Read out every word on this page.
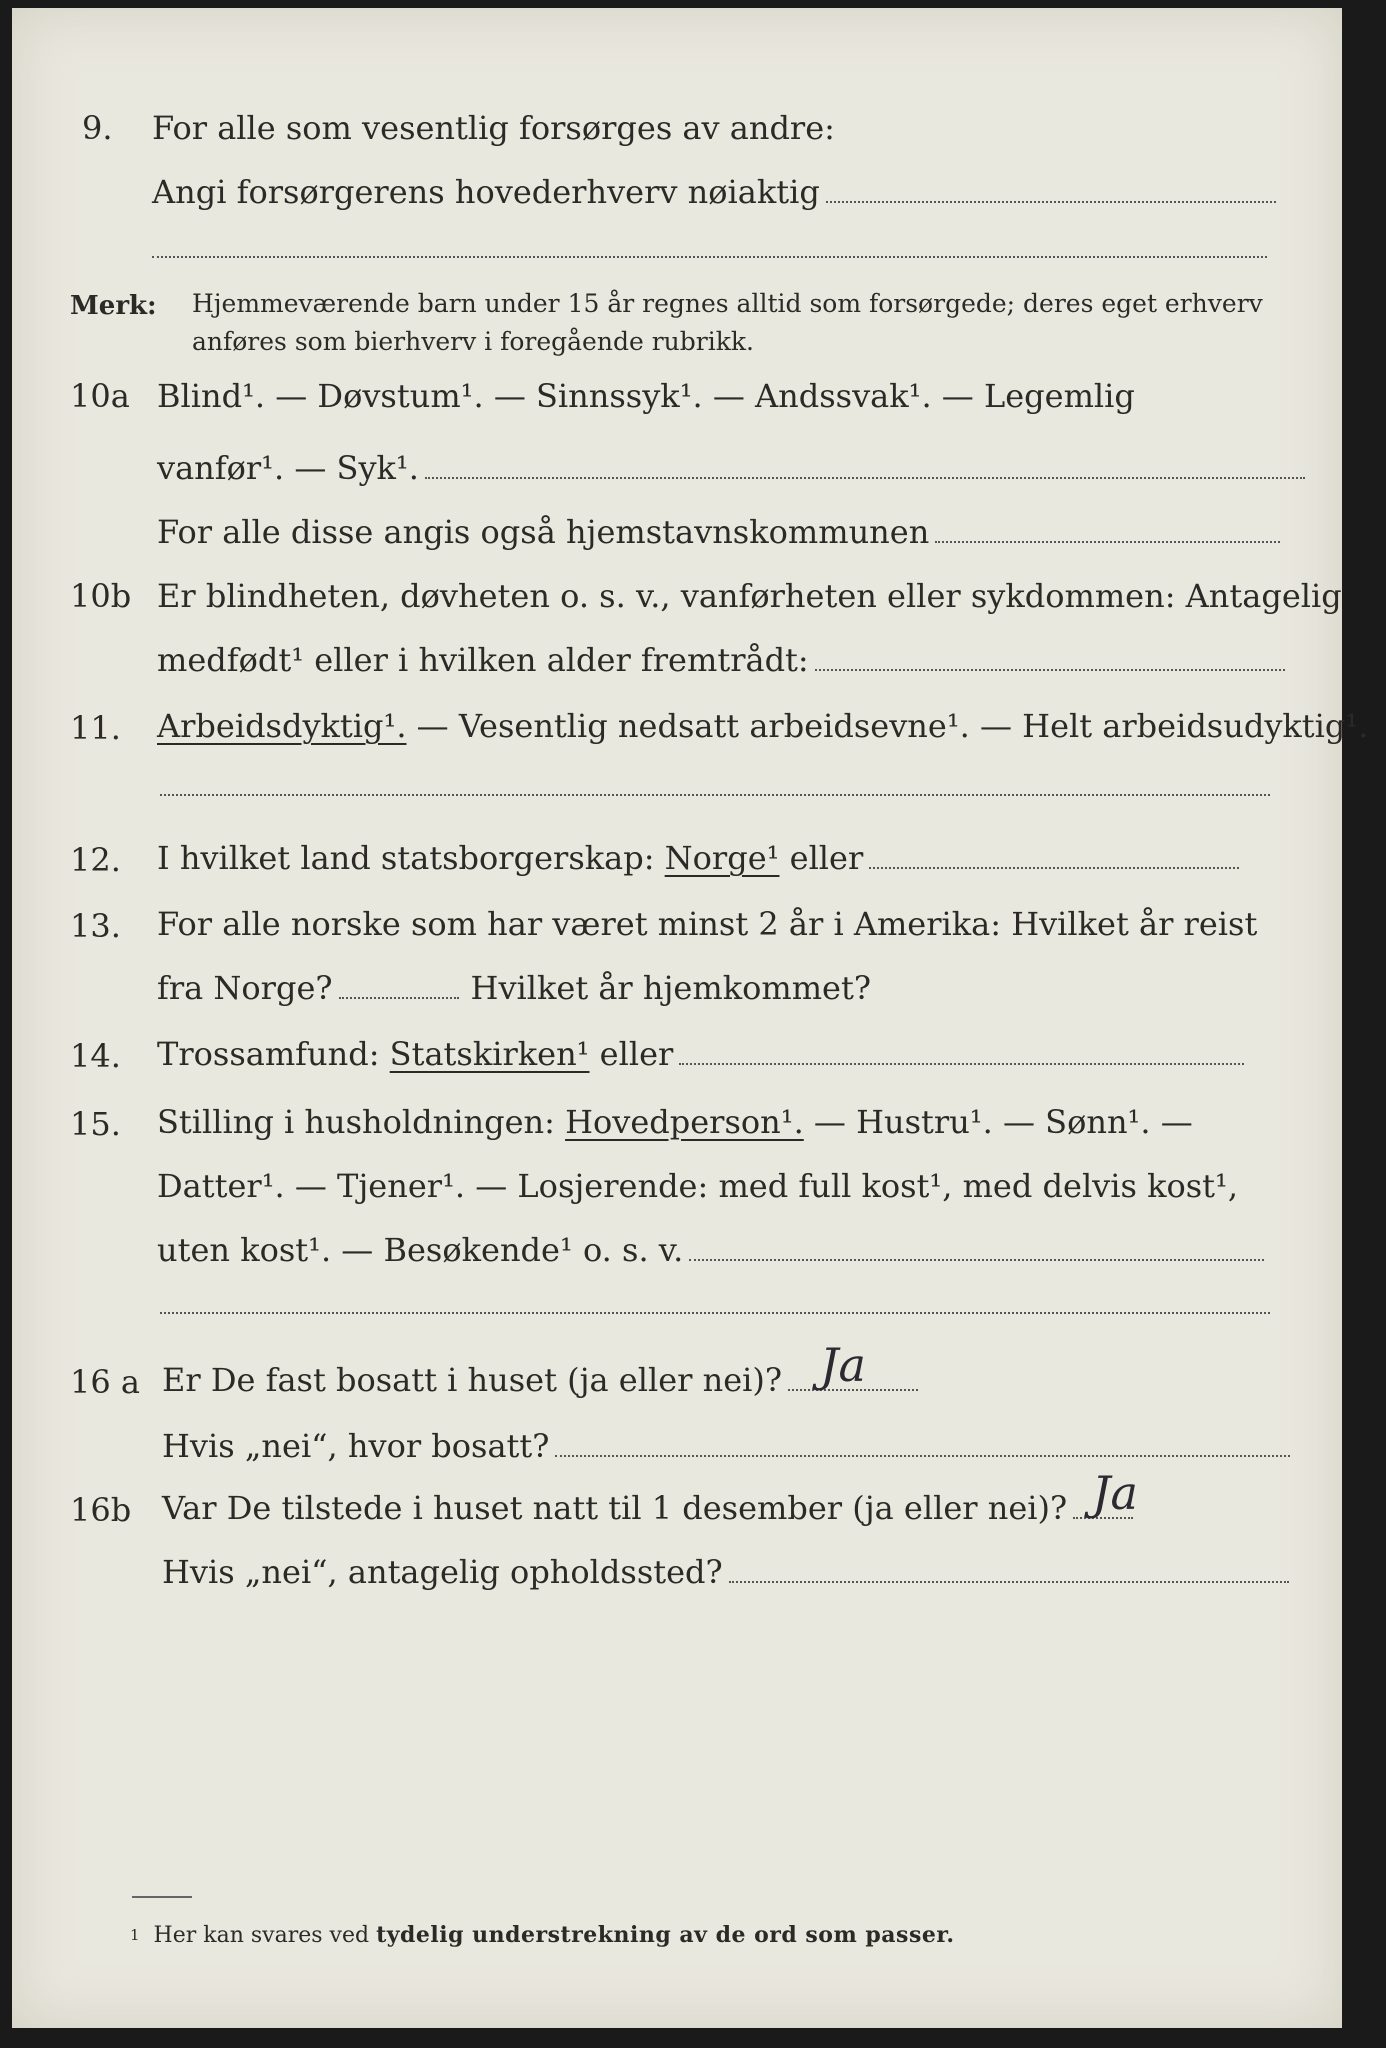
9. For alle som vesentlig forsørges av andre:
Angi forsørgerens hovederhverv nøiaktig
Merk: Hjemmeværende barn under 15 år regnes alltid som forsørgede; deres eget erhverv
anføres som bierhverv i foregående rubrikk.
10a Blind¹. — Døvstum¹. — Sinnssyk¹. — Andssvak¹. — Legemlig
vanfør¹. — Syk¹.
For alle disse angis også hjemstavnskommunen
10b Er blindheten, døvheten o. s. v., vanførheten eller sykdommen: Antagelig
medfødt¹ eller i hvilken alder fremtrådt:
11. Arbeidsdyktig¹. — Vesentlig nedsatt arbeidsevne¹. — Helt arbeidsudyktig¹.
12. I hvilket land statsborgerskap: Norge¹ eller
13. For alle norske som har været minst 2 år i Amerika: Hvilket år reist
fra Norge?	Hvilket år hjemkommet?
14. Trossamfund: Statskirken¹ eller
15. Stilling i husholdningen: Hovedperson¹. — Hustru¹. — Sønn¹. —
Datter¹. — Tjener¹. — Losjerende: med full kost¹, med delvis kost¹,
uten kost¹. — Besøkende¹ o. s. v.
16 a Er De fast bosatt i huset (ja eller nei)? Ja
Hvis „nei“, hvor bosatt?
16b Var De tilstede i huset natt til 1 desember (ja eller nei)? Ja
Hvis „nei“, antagelig opholdssted?
$^1$ Her kan svares ved tydelig understrekning av de ord som passer.
